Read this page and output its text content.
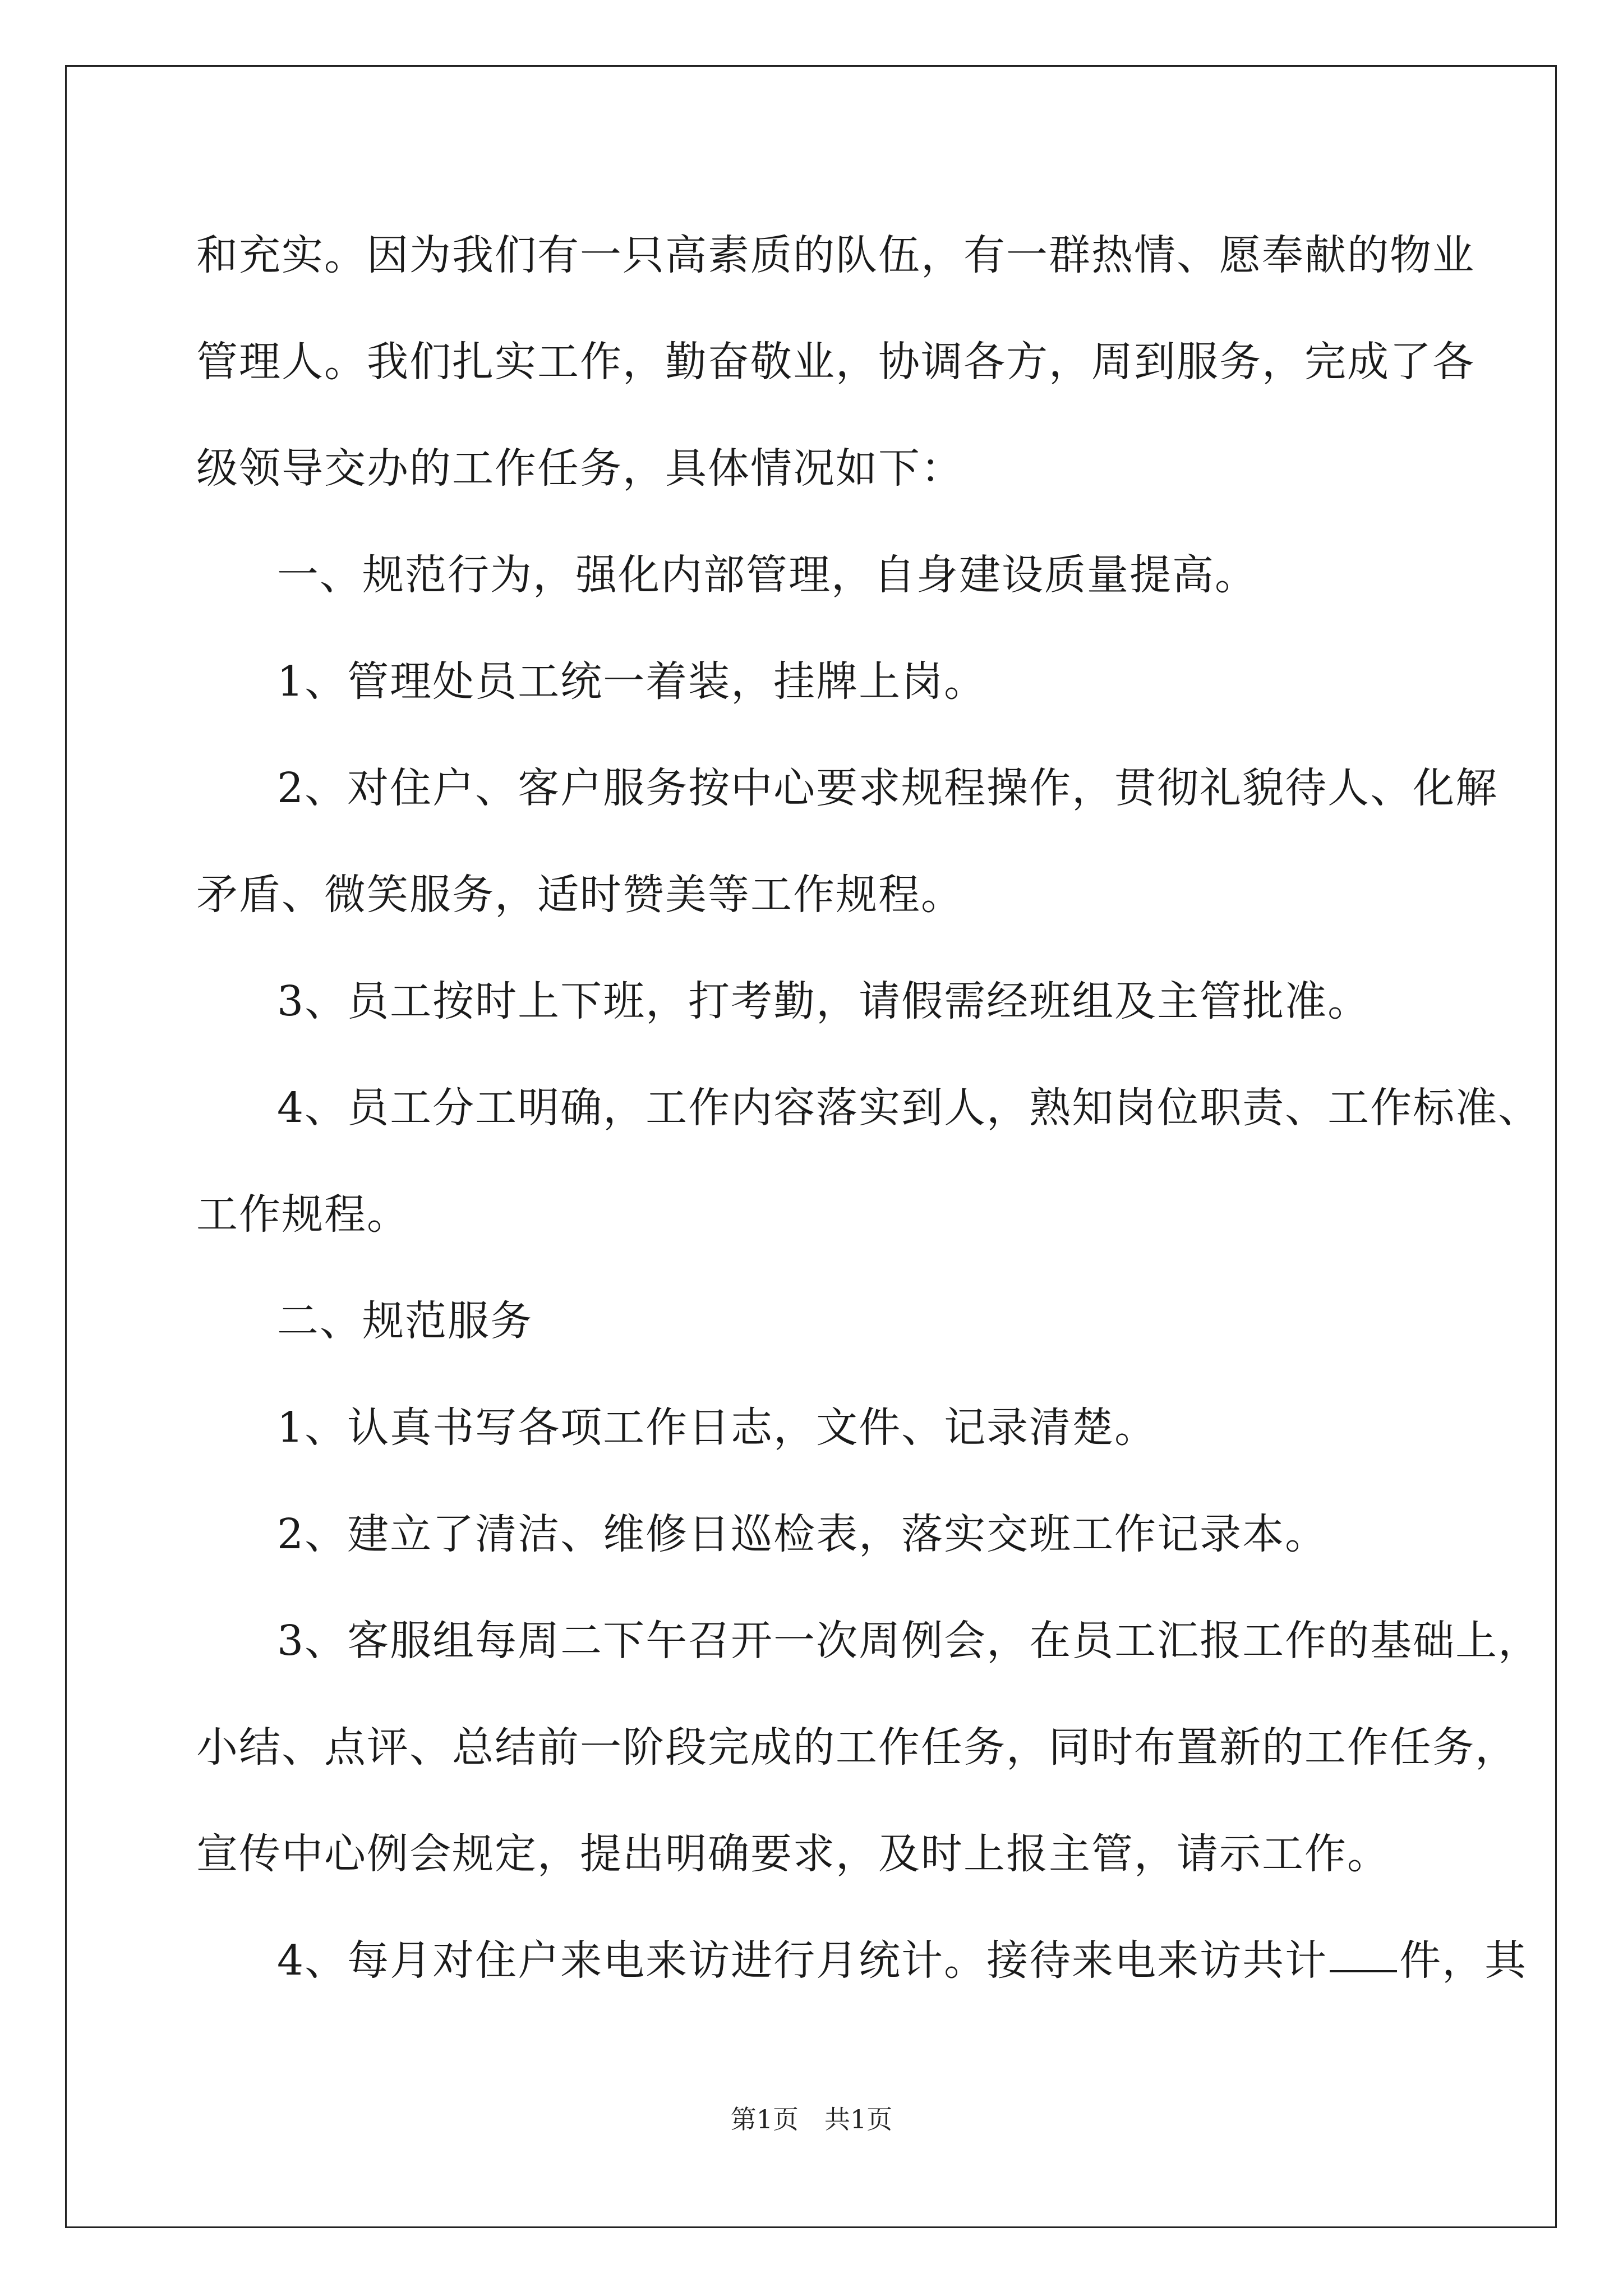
和充实。因为我们有一只高素质的队伍，有一群热情、愿奉献的物业

管理人。我们扎实工作，勤奋敬业，协调各方，周到服务，完成了各

级领导交办的工作任务，具体情况如下：

一、规范行为，强化内部管理，自身建设质量提高。

1、管理处员工统一着装，挂牌上岗。

2、对住户、客户服务按中心要求规程操作，贯彻礼貌待人、化解

矛盾、微笑服务，适时赞美等工作规程。

3、员工按时上下班，打考勤，请假需经班组及主管批准。

4、员工分工明确，工作内容落实到人，熟知岗位职责、工作标准、

工作规程。

二、规范服务

1、认真书写各项工作日志，文件、记录清楚。

2、建立了清洁、维修日巡检表，落实交班工作记录本。

3、客服组每周二下午召开一次周例会，在员工汇报工作的基础上，

小结、点评、总结前一阶段完成的工作任务，同时布置新的工作任务，

宣传中心例会规定，提出明确要求，及时上报主管，请示工作。

4、每月对住户来电来访进行月统计。接待来电来访共计 件，其

第1页　共1页
